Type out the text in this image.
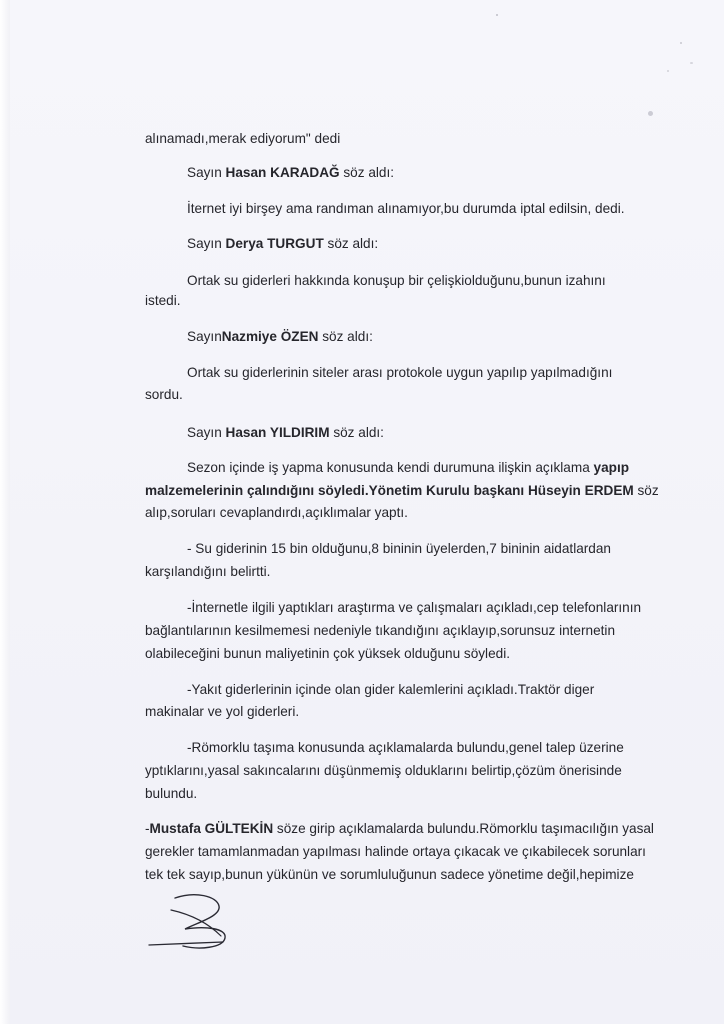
alınamadı,merak ediyorum" dedi

Sayın Hasan KARADAĞ söz aldı:

İternet iyi birşey ama randıman alınamıyor,bu durumda iptal edilsin, dedi.

Sayın Derya TURGUT söz aldı:

Ortak su giderleri hakkında konuşup bir çelişkiolduğunu,bunun izahını

istedi.

SayınNazmiye ÖZEN söz aldı:

Ortak su giderlerinin siteler arası protokole uygun yapılıp yapılmadığını

sordu.

Sayın Hasan YILDIRIM söz aldı:

Sezon içinde iş yapma konusunda kendi durumuna ilişkin açıklama yapıp

malzemelerinin çalındığını söyledi.Yönetim Kurulu başkanı Hüseyin ERDEM söz

alıp,soruları cevaplandırdı,açıklımalar yaptı.

- Su giderinin 15 bin olduğunu,8 bininin üyelerden,7 bininin aidatlardan

karşılandığını belirtti.

-İnternetle ilgili yaptıkları araştırma ve çalışmaları açıkladı,cep telefonlarının

bağlantılarının kesilmemesi nedeniyle tıkandığını açıklayıp,sorunsuz internetin

olabileceğini bunun maliyetinin çok yüksek olduğunu söyledi.

-Yakıt giderlerinin içinde olan gider kalemlerini açıkladı.Traktör diger

makinalar ve yol giderleri.

-Römorklu taşıma konusunda açıklamalarda bulundu,genel talep üzerine

yptıklarını,yasal sakıncalarını düşünmemiş olduklarını belirtip,çözüm önerisinde

bulundu.

-Mustafa GÜLTEKİN söze girip açıklamalarda bulundu.Römorklu taşımacılığın yasal

gerekler tamamlanmadan yapılması halinde ortaya çıkacak ve çıkabilecek sorunları

tek tek sayıp,bunun yükünün ve sorumluluğunun sadece yönetime değil,hepimize
